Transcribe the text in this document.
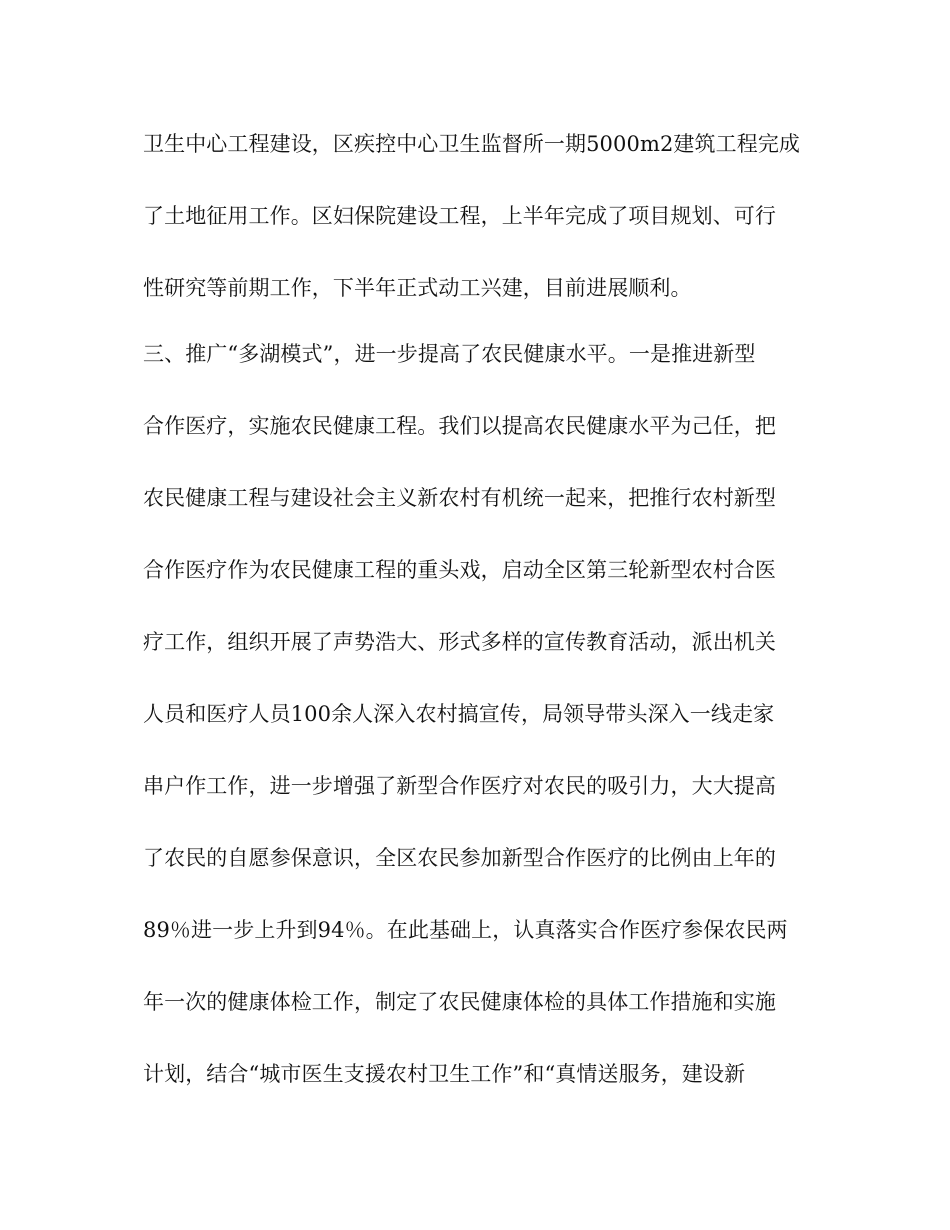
卫生中心工程建设，区疾控中心卫生监督所一期5000m2建筑工程完成
了土地征用工作。区妇保院建设工程，上半年完成了项目规划、可行
性研究等前期工作，下半年正式动工兴建，目前进展顺利。
三、推广“多湖模式”，进一步提高了农民健康水平。一是推进新型
合作医疗，实施农民健康工程。我们以提高农民健康水平为己任，把
农民健康工程与建设社会主义新农村有机统一起来，把推行农村新型
合作医疗作为农民健康工程的重头戏，启动全区第三轮新型农村合医
疗工作，组织开展了声势浩大、形式多样的宣传教育活动，派出机关
人员和医疗人员100余人深入农村搞宣传，局领导带头深入一线走家
串户作工作，进一步增强了新型合作医疗对农民的吸引力，大大提高
了农民的自愿参保意识，全区农民参加新型合作医疗的比例由上年的
89％进一步上升到94％。在此基础上，认真落实合作医疗参保农民两
年一次的健康体检工作，制定了农民健康体检的具体工作措施和实施
计划，结合“城市医生支援农村卫生工作”和“真情送服务，建设新
